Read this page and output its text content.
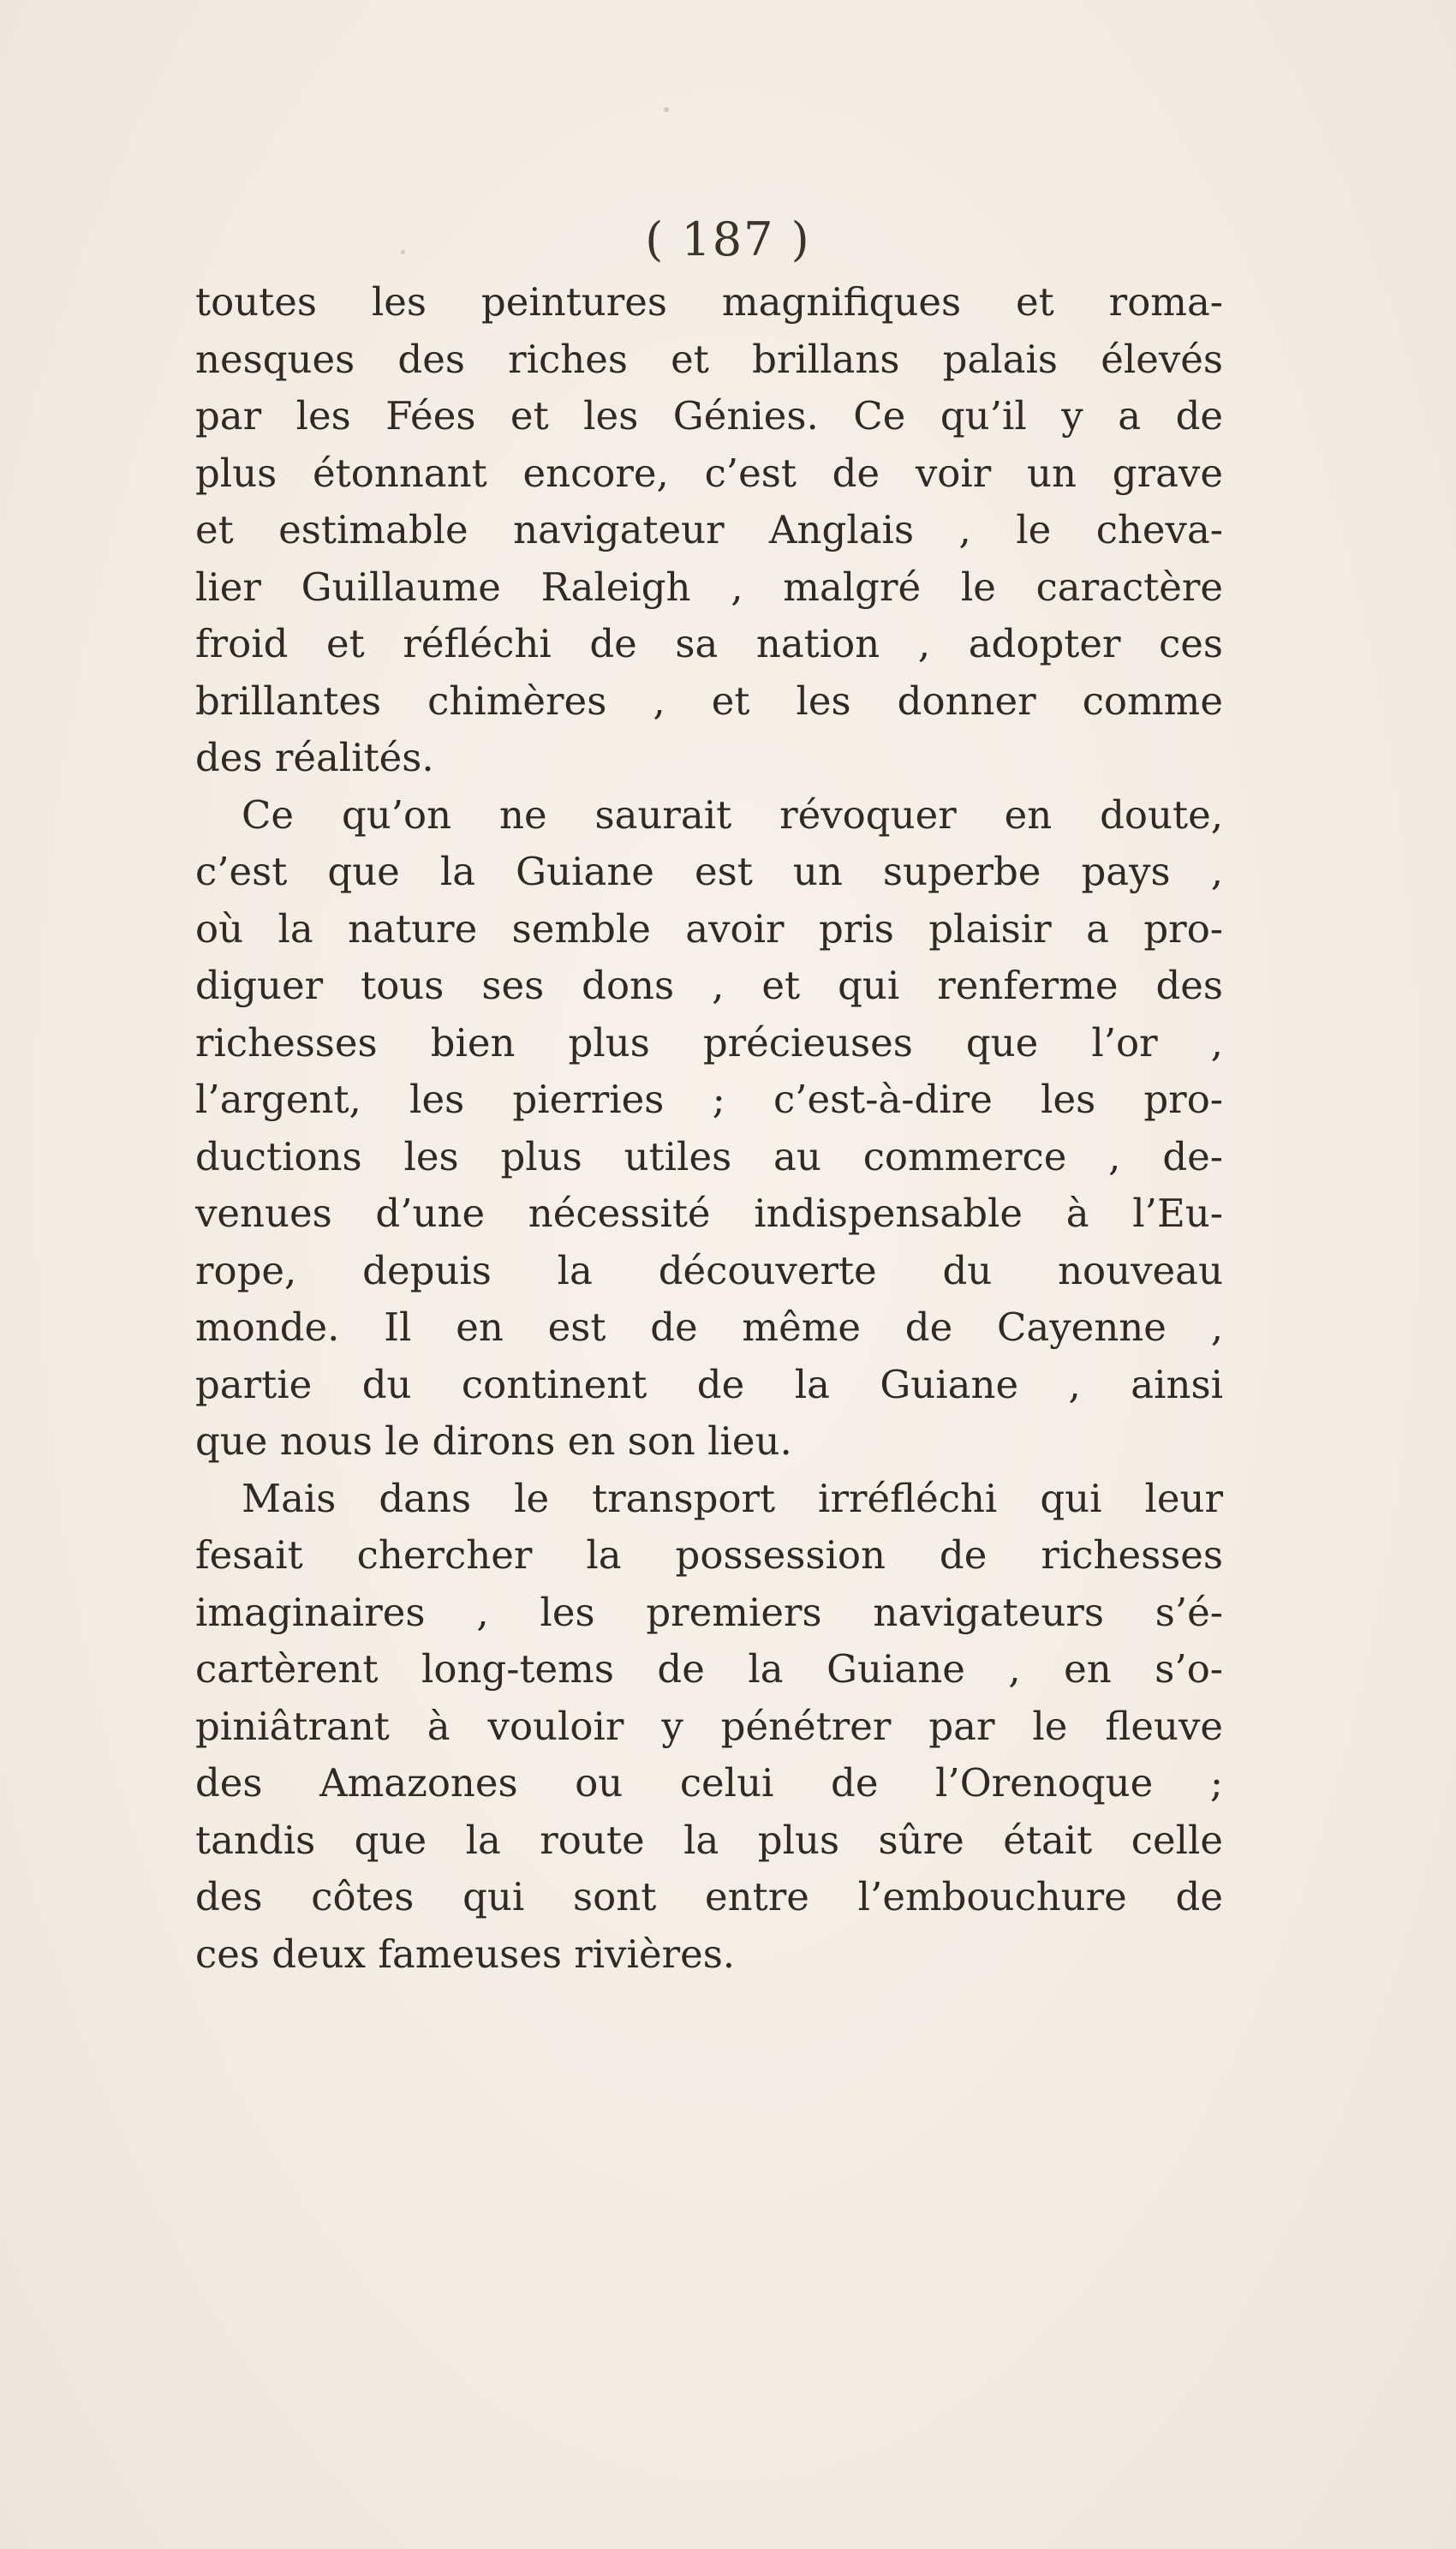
( 187 )
toutes les peintures magnifiques et roma-
nesques des riches et brillans palais élevés
par les Fées et les Génies. Ce qu’il y a de
plus étonnant encore, c’est de voir un grave
et estimable navigateur Anglais , le cheva-
lier Guillaume Raleigh , malgré le caractère
froid et réfléchi de sa nation , adopter ces
brillantes chimères , et les donner comme
des réalités.
Ce qu’on ne saurait révoquer en doute,
c’est que la Guiane est un superbe pays ,
où la nature semble avoir pris plaisir a pro-
diguer tous ses dons , et qui renferme des
richesses bien plus précieuses que l’or ,
l’argent, les pierries ; c’est-à-dire les pro-
ductions les plus utiles au commerce , de-
venues d’une nécessité indispensable à l’Eu-
rope, depuis la découverte du nouveau
monde. Il en est de même de Cayenne ,
partie du continent de la Guiane , ainsi
que nous le dirons en son lieu.
Mais dans le transport irréfléchi qui leur
fesait chercher la possession de richesses
imaginaires , les premiers navigateurs s’é-
cartèrent long-tems de la Guiane , en s’o-
piniâtrant à vouloir y pénétrer par le fleuve
des Amazones ou celui de l’Orenoque ;
tandis que la route la plus sûre était celle
des côtes qui sont entre l’embouchure de
ces deux fameuses rivières.
